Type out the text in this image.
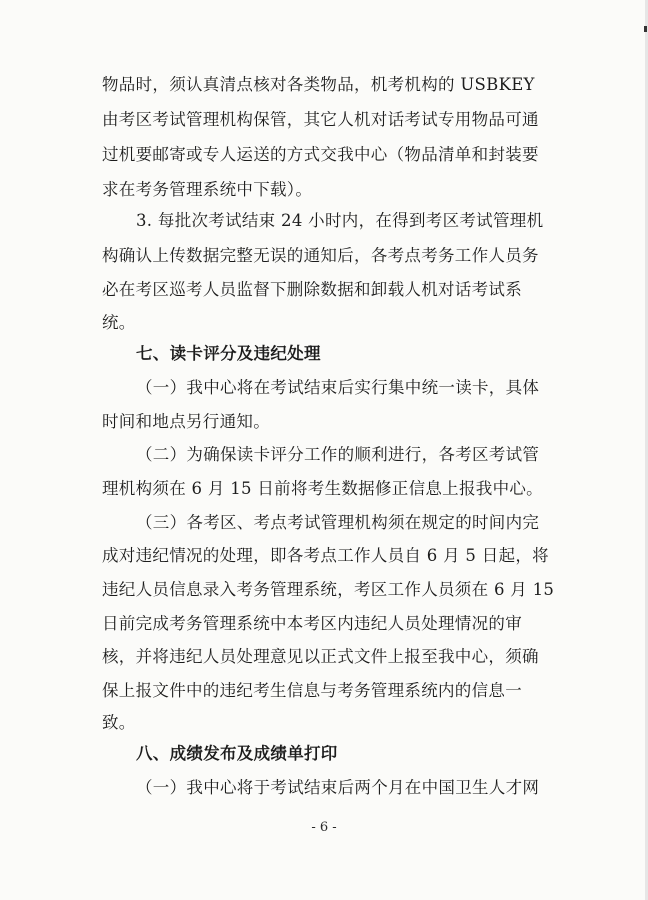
物品时，须认真清点核对各类物品，机考机构的 USBKEY
由考区考试管理机构保管，其它人机对话考试专用物品可通
过机要邮寄或专人运送的方式交我中心（物品清单和封装要
求在考务管理系统中下载）。
3. 每批次考试结束 24 小时内，在得到考区考试管理机
构确认上传数据完整无误的通知后，各考点考务工作人员务
必在考区巡考人员监督下删除数据和卸载人机对话考试系
统。
七、读卡评分及违纪处理
（一）我中心将在考试结束后实行集中统一读卡，具体
时间和地点另行通知。
（二）为确保读卡评分工作的顺利进行，各考区考试管
理机构须在 6 月 15 日前将考生数据修正信息上报我中心。
（三）各考区、考点考试管理机构须在规定的时间内完
成对违纪情况的处理，即各考点工作人员自 6 月 5 日起，将
违纪人员信息录入考务管理系统，考区工作人员须在 6 月 15
日前完成考务管理系统中本考区内违纪人员处理情况的审
核，并将违纪人员处理意见以正式文件上报至我中心，须确
保上报文件中的违纪考生信息与考务管理系统内的信息一
致。
八、成绩发布及成绩单打印
（一）我中心将于考试结束后两个月在中国卫生人才网
- 6 -
